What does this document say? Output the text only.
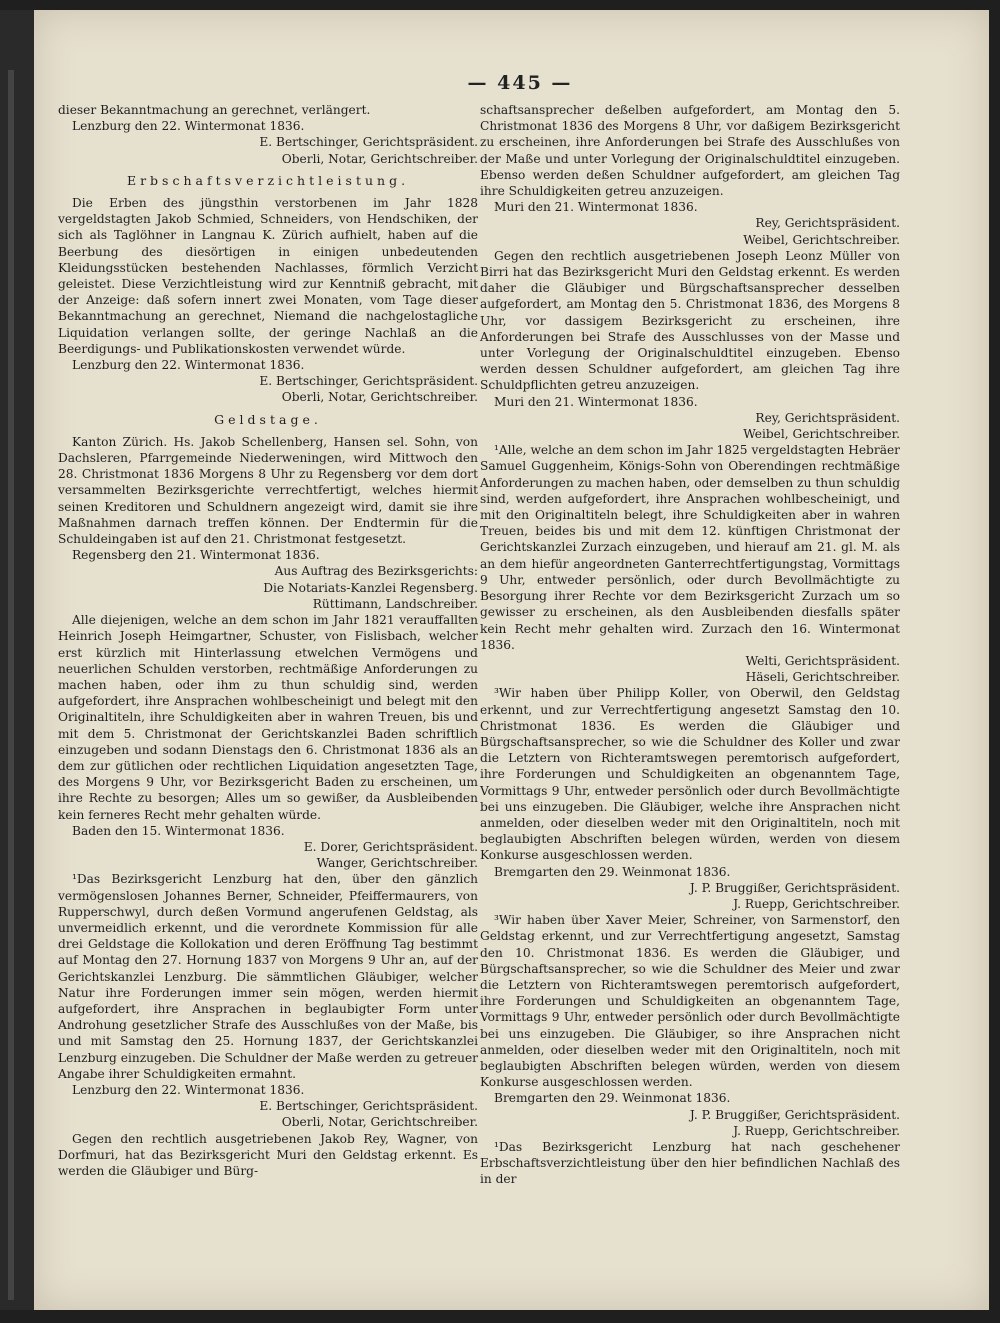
— 445 —
dieser Bekanntmachung an gerechnet, verlängert.
Lenzburg den 22. Wintermonat 1836.
E. Bertschinger, Gerichtspräsident.
Oberli, Notar, Gerichtschreiber.
Erbschaftsverzichtleistung.
Die Erben des jüngsthin verstorbenen im Jahr 1828 vergeldstagten Jakob Schmied, Schneiders, von Hendschiken, der sich als Taglöhner in Langnau K. Zürich aufhielt, haben auf die Beerbung des diesörtigen in einigen unbedeutenden Kleidungsstücken bestehenden Nachlasses, förmlich Verzicht geleistet. Diese Verzichtleistung wird zur Kenntniß gebracht, mit der Anzeige: daß sofern innert zwei Monaten, vom Tage dieser Bekanntmachung an gerechnet, Niemand die nachgelostagliche Liquidation verlangen sollte, der geringe Nachlaß an die Beerdigungs- und Publikationskosten verwendet würde.
Lenzburg den 22. Wintermonat 1836.
E. Bertschinger, Gerichtspräsident.
Oberli, Notar, Gerichtschreiber.
Geldstage.
Kanton Zürich. Hs. Jakob Schellenberg, Hansen sel. Sohn, von Dachsleren, Pfarrgemeinde Niederweningen, wird Mittwoch den 28. Christmonat 1836 Morgens 8 Uhr zu Regensberg vor dem dort versammelten Bezirksgerichte verrechtfertigt, welches hiermit seinen Kreditoren und Schuldnern angezeigt wird, damit sie ihre Maßnahmen darnach treffen können. Der Endtermin für die Schuldeingaben ist auf den 21. Christmonat festgesetzt.
Regensberg den 21. Wintermonat 1836.
Aus Auftrag des Bezirksgerichts:
Die Notariats-Kanzlei Regensberg.
Rüttimann, Landschreiber.
Alle diejenigen, welche an dem schon im Jahr 1821 verauffallten Heinrich Joseph Heimgartner, Schuster, von Fislisbach, welcher erst kürzlich mit Hinterlassung etwelchen Vermögens und neuerlichen Schulden verstorben, rechtmäßige Anforderungen zu machen haben, oder ihm zu thun schuldig sind, werden aufgefordert, ihre Ansprachen wohlbescheinigt und belegt mit den Originaltiteln, ihre Schuldigkeiten aber in wahren Treuen, bis und mit dem 5. Christmonat der Gerichtskanzlei Baden schriftlich einzugeben und sodann Dienstags den 6. Christmonat 1836 als an dem zur gütlichen oder rechtlichen Liquidation angesetzten Tage, des Morgens 9 Uhr, vor Bezirksgericht Baden zu erscheinen, um ihre Rechte zu besorgen; Alles um so gewißer, da Ausbleibenden kein ferneres Recht mehr gehalten würde.
Baden den 15. Wintermonat 1836.
E. Dorer, Gerichtspräsident.
Wanger, Gerichtschreiber.
¹Das Bezirksgericht Lenzburg hat den, über den gänzlich vermögenslosen Johannes Berner, Schneider, Pfeiffermaurers, von Rupperschwyl, durch deßen Vormund angerufenen Geldstag, als unvermeidlich erkennt, und die verordnete Kommission für alle drei Geldstage die Kollokation und deren Eröffnung Tag bestimmt auf Montag den 27. Hornung 1837 von Morgens 9 Uhr an, auf der Gerichtskanzlei Lenzburg. Die sämmtlichen Gläubiger, welcher Natur ihre Forderungen immer sein mögen, werden hiermit aufgefordert, ihre Ansprachen in beglaubigter Form unter Androhung gesetzlicher Strafe des Ausschlußes von der Maße, bis und mit Samstag den 25. Hornung 1837, der Gerichtskanzlei Lenzburg einzugeben. Die Schuldner der Maße werden zu getreuer Angabe ihrer Schuldigkeiten ermahnt.
Lenzburg den 22. Wintermonat 1836.
E. Bertschinger, Gerichtspräsident.
Oberli, Notar, Gerichtschreiber.
Gegen den rechtlich ausgetriebenen Jakob Rey, Wagner, von Dorfmuri, hat das Bezirksgericht Muri den Geldstag erkennt. Es werden die Gläubiger und Bürg-
schaftsansprecher deßelben aufgefordert, am Montag den 5. Christmonat 1836 des Morgens 8 Uhr, vor daßigem Bezirksgericht zu erscheinen, ihre Anforderungen bei Strafe des Ausschlußes von der Maße und unter Vorlegung der Originalschuldtitel einzugeben. Ebenso werden deßen Schuldner aufgefordert, am gleichen Tag ihre Schuldigkeiten getreu anzuzeigen.
Muri den 21. Wintermonat 1836.
Rey, Gerichtspräsident.
Weibel, Gerichtschreiber.
Gegen den rechtlich ausgetriebenen Joseph Leonz Müller von Birri hat das Bezirksgericht Muri den Geldstag erkennt. Es werden daher die Gläubiger und Bürgschaftsansprecher desselben aufgefordert, am Montag den 5. Christmonat 1836, des Morgens 8 Uhr, vor dassigem Bezirksgericht zu erscheinen, ihre Anforderungen bei Strafe des Ausschlusses von der Masse und unter Vorlegung der Originalschuldtitel einzugeben. Ebenso werden dessen Schuldner aufgefordert, am gleichen Tag ihre Schuldpflichten getreu anzuzeigen.
Muri den 21. Wintermonat 1836.
Rey, Gerichtspräsident.
Weibel, Gerichtschreiber.
¹Alle, welche an dem schon im Jahr 1825 vergeldstagten Hebräer Samuel Guggenheim, Königs-Sohn von Oberendingen rechtmäßige Anforderungen zu machen haben, oder demselben zu thun schuldig sind, werden aufgefordert, ihre Ansprachen wohlbescheinigt, und mit den Originaltiteln belegt, ihre Schuldigkeiten aber in wahren Treuen, beides bis und mit dem 12. künftigen Christmonat der Gerichtskanzlei Zurzach einzugeben, und hierauf am 21. gl. M. als an dem hiefür angeordneten Ganterrechtfertigungstag, Vormittags 9 Uhr, entweder persönlich, oder durch Bevollmächtigte zu Besorgung ihrer Rechte vor dem Bezirksgericht Zurzach um so gewisser zu erscheinen, als den Ausbleibenden diesfalls später kein Recht mehr gehalten wird. Zurzach den 16. Wintermonat 1836.
Welti, Gerichtspräsident.
Häseli, Gerichtschreiber.
³Wir haben über Philipp Koller, von Oberwil, den Geldstag erkennt, und zur Verrechtfertigung angesetzt Samstag den 10. Christmonat 1836. Es werden die Gläubiger und Bürgschaftsansprecher, so wie die Schuldner des Koller und zwar die Letztern von Richteramtswegen peremtorisch aufgefordert, ihre Forderungen und Schuldigkeiten an obgenanntem Tage, Vormittags 9 Uhr, entweder persönlich oder durch Bevollmächtigte bei uns einzugeben. Die Gläubiger, welche ihre Ansprachen nicht anmelden, oder dieselben weder mit den Originaltiteln, noch mit beglaubigten Abschriften belegen würden, werden von diesem Konkurse ausgeschlossen werden.
Bremgarten den 29. Weinmonat 1836.
J. P. Bruggißer, Gerichtspräsident.
J. Ruepp, Gerichtschreiber.
³Wir haben über Xaver Meier, Schreiner, von Sarmenstorf, den Geldstag erkennt, und zur Verrechtfertigung angesetzt, Samstag den 10. Christmonat 1836. Es werden die Gläubiger, und Bürgschaftsansprecher, so wie die Schuldner des Meier und zwar die Letztern von Richteramtswegen peremtorisch aufgefordert, ihre Forderungen und Schuldigkeiten an obgenanntem Tage, Vormittags 9 Uhr, entweder persönlich oder durch Bevollmächtigte bei uns einzugeben. Die Gläubiger, so ihre Ansprachen nicht anmelden, oder dieselben weder mit den Originaltiteln, noch mit beglaubigten Abschriften belegen würden, werden von diesem Konkurse ausgeschlossen werden.
Bremgarten den 29. Weinmonat 1836.
J. P. Bruggißer, Gerichtspräsident.
J. Ruepp, Gerichtschreiber.
¹Das Bezirksgericht Lenzburg hat nach geschehener Erbschaftsverzichtleistung über den hier befindlichen Nachlaß des in der
